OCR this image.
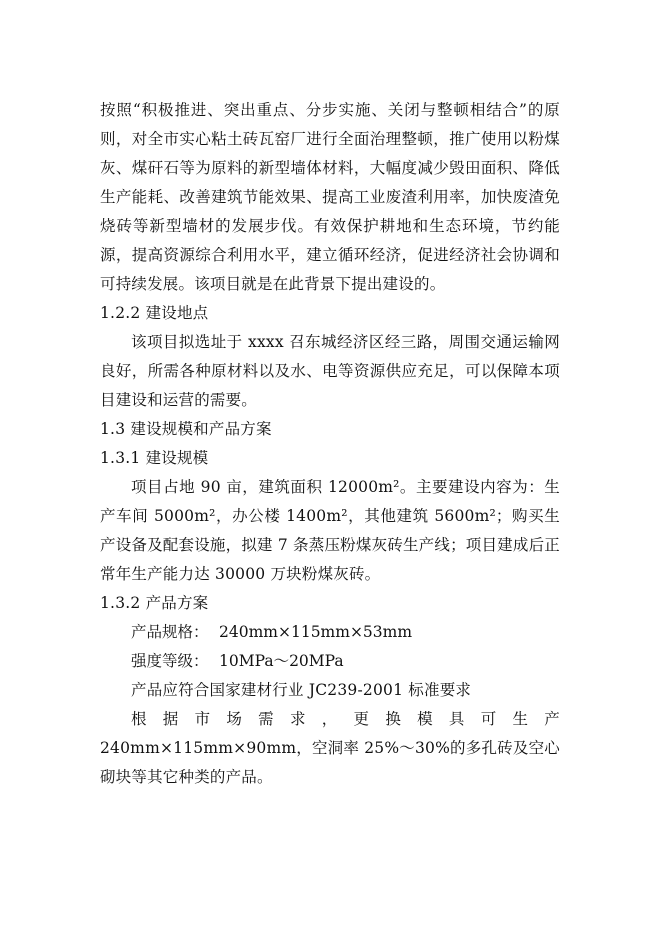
按照“积极推进、突出重点、分步实施、关闭与整顿相结合”的原则，对全市实心粘土砖瓦窑厂进行全面治理整顿，推广使用以粉煤灰、煤矸石等为原料的新型墙体材料，大幅度减少毁田面积、降低生产能耗、改善建筑节能效果、提高工业废渣利用率，加快废渣免烧砖等新型墙材的发展步伐。有效保护耕地和生态环境，节约能源，提高资源综合利用水平，建立循环经济，促进经济社会协调和可持续发展。该项目就是在此背景下提出建设的。

1.2.2 建设地点

该项目拟选址于 xxxx 召东城经济区经三路，周围交通运输网良好，所需各种原材料以及水、电等资源供应充足，可以保障本项目建设和运营的需要。

1.3 建设规模和产品方案

1.3.1 建设规模

项目占地 90 亩，建筑面积 12000m²。主要建设内容为：生产车间 5000m²，办公楼 1400m²，其他建筑 5600m²；购买生产设备及配套设施，拟建 7 条蒸压粉煤灰砖生产线；项目建成后正常年生产能力达 30000 万块粉煤灰砖。

1.3.2 产品方案

产品规格： 240mm×115mm×53mm

强度等级： 10MPa～20MPa

产品应符合国家建材行业 JC239-2001 标准要求

根据市场需求，更换模具可生产 240mm×115mm×90mm，空洞率 25%～30%的多孔砖及空心砌块等其它种类的产品。
